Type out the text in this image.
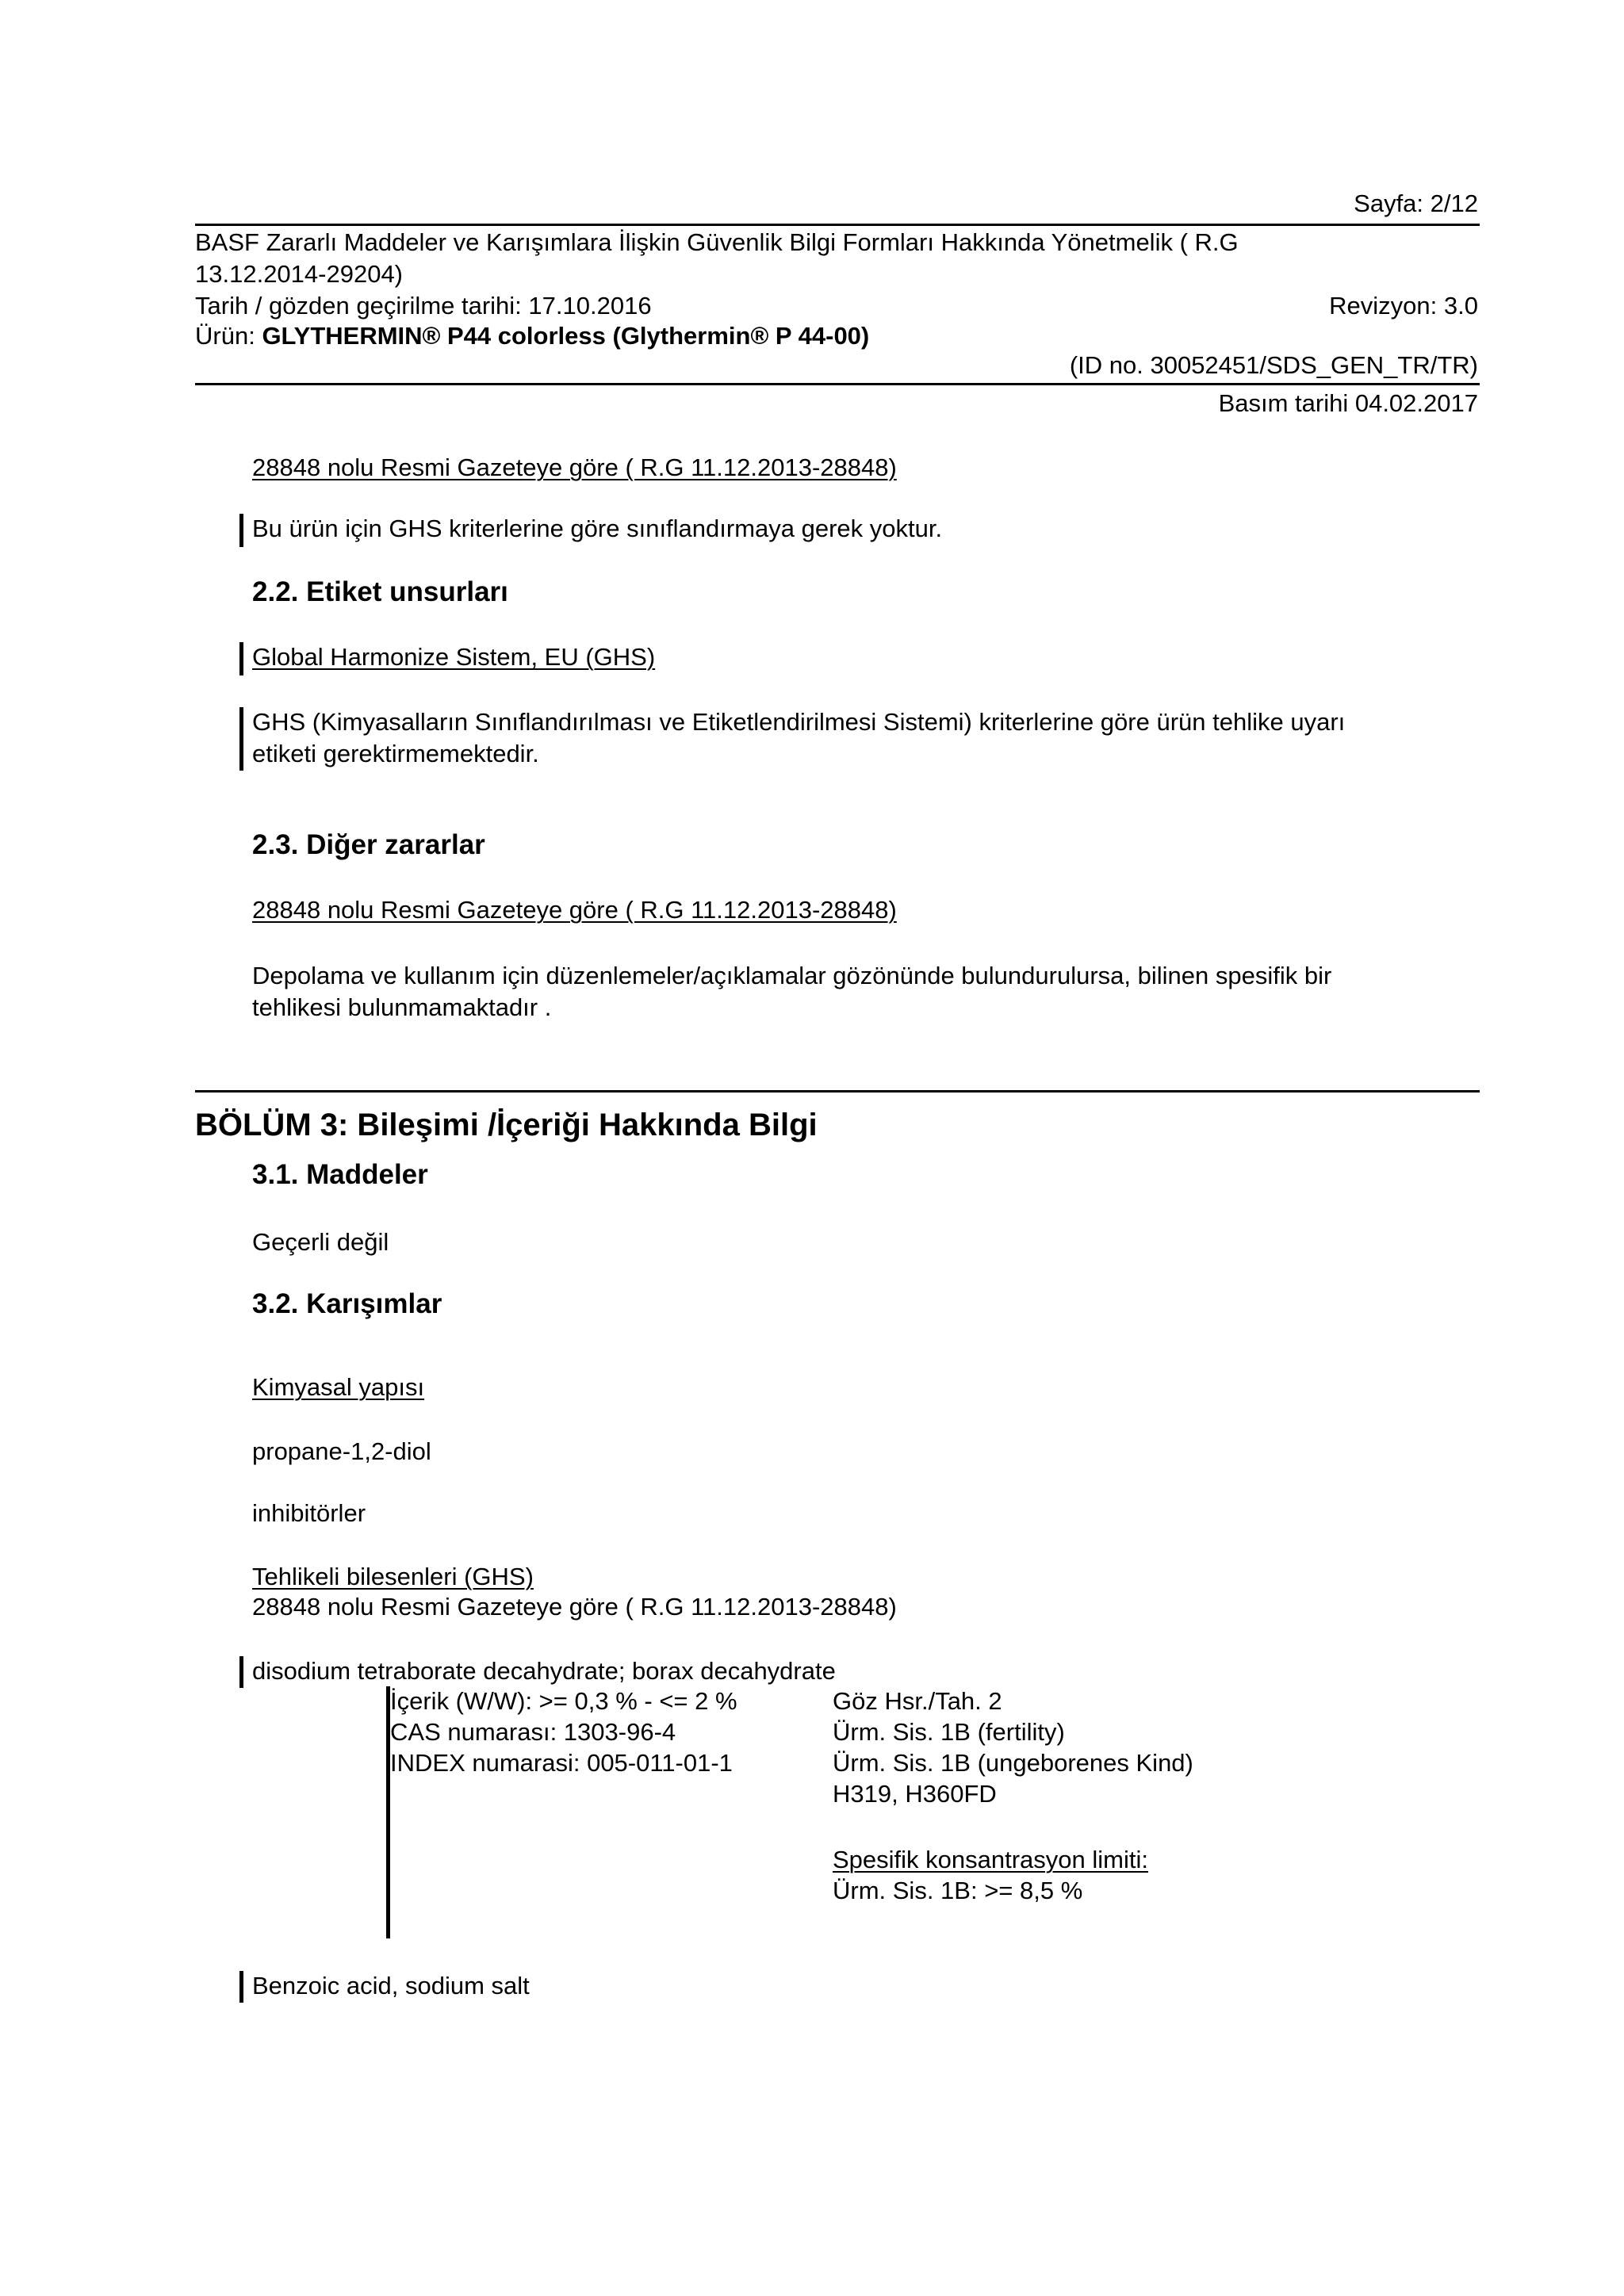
Sayfa: 2/12
BASF Zararlı Maddeler ve Karışımlara İlişkin Güvenlik Bilgi Formları Hakkında Yönetmelik ( R.G
13.12.2014-29204)
Tarih / gözden geçirilme tarihi: 17.10.2016	Revizyon: 3.0
Ürün: GLYTHERMIN® P44 colorless (Glythermin® P 44-00)
(ID no. 30052451/SDS_GEN_TR/TR)
Basım tarihi 04.02.2017
28848 nolu Resmi Gazeteye göre ( R.G 11.12.2013-28848)
Bu ürün için GHS kriterlerine göre sınıflandırmaya gerek yoktur.
2.2. Etiket unsurları
Global Harmonize Sistem, EU (GHS)
GHS (Kimyasalların Sınıflandırılması ve Etiketlendirilmesi Sistemi) kriterlerine göre ürün tehlike uyarı
etiketi gerektirmemektedir.
2.3. Diğer zararlar
28848 nolu Resmi Gazeteye göre ( R.G 11.12.2013-28848)
Depolama ve kullanım için düzenlemeler/açıklamalar gözönünde bulundurulursa, bilinen spesifik bir
tehlikesi bulunmamaktadır .
BÖLÜM 3: Bileşimi /İçeriği Hakkında Bilgi
3.1. Maddeler
Geçerli değil
3.2. Karışımlar
Kimyasal yapısı
propane-1,2-diol
inhibitörler
Tehlikeli bilesenleri (GHS)
28848 nolu Resmi Gazeteye göre ( R.G 11.12.2013-28848)
disodium tetraborate decahydrate; borax decahydrate
İçerik (W/W): >= 0,3 % - <= 2 %
CAS numarası: 1303-96-4
INDEX numarasi: 005-011-01-1
Göz Hsr./Tah. 2
Ürm. Sis. 1B (fertility)
Ürm. Sis. 1B (ungeborenes Kind)
H319, H360FD
Spesifik konsantrasyon limiti:
Ürm. Sis. 1B: >= 8,5 %
Benzoic acid, sodium salt
